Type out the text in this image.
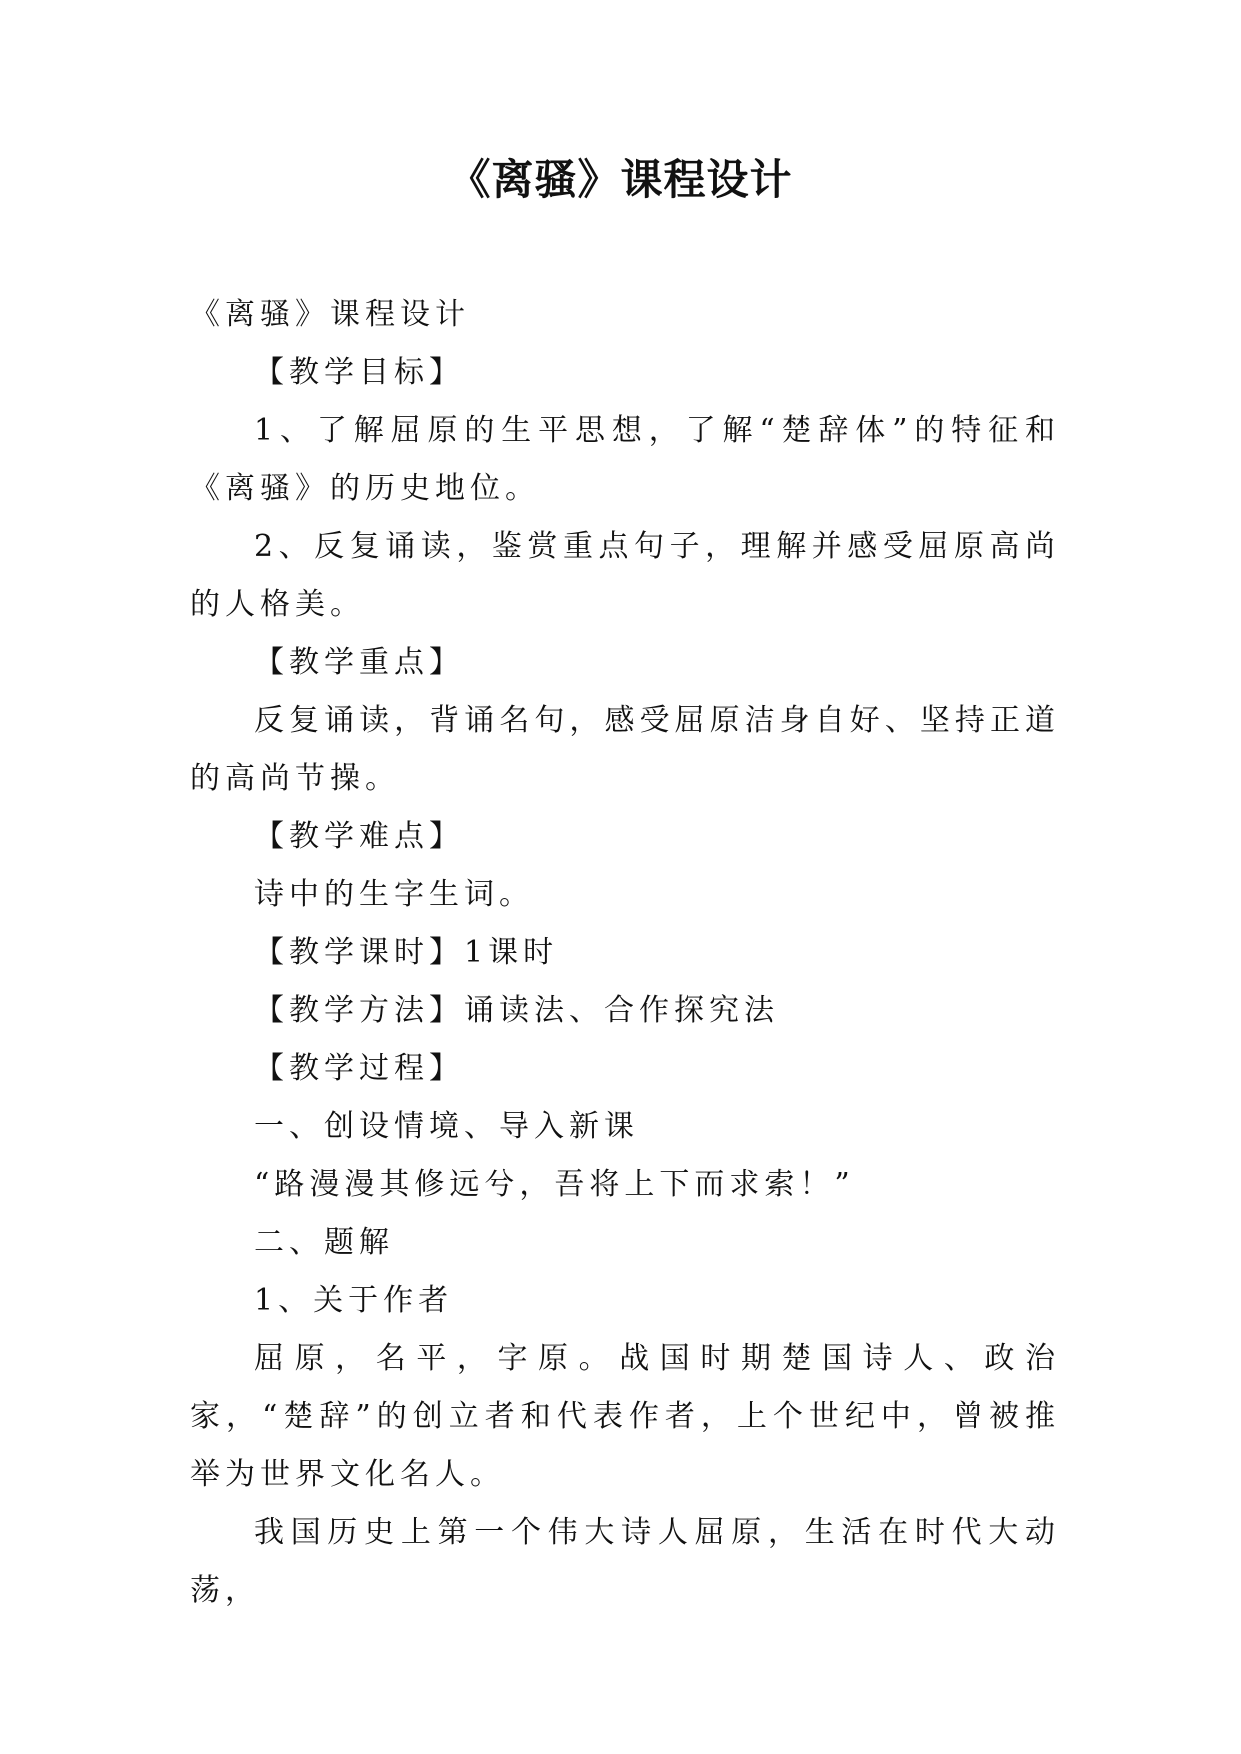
《离骚》课程设计

《离骚》课程设计

【教学目标】

1、了解屈原的生平思想，了解“楚辞体”的特征和《离骚》的历史地位。

2、反复诵读，鉴赏重点句子，理解并感受屈原高尚的人格美。

【教学重点】

反复诵读，背诵名句，感受屈原洁身自好、坚持正道的高尚节操。

【教学难点】

诗中的生字生词。

【教学课时】1课时

【教学方法】诵读法、合作探究法

【教学过程】

一、创设情境、导入新课

“路漫漫其修远兮，吾将上下而求索！”

二、题解

1、关于作者

屈原，名平，字原。战国时期楚国诗人、政治家，“楚辞”的创立者和代表作者，上个世纪中，曾被推举为世界文化名人。

我国历史上第一个伟大诗人屈原，生活在时代大动荡，
